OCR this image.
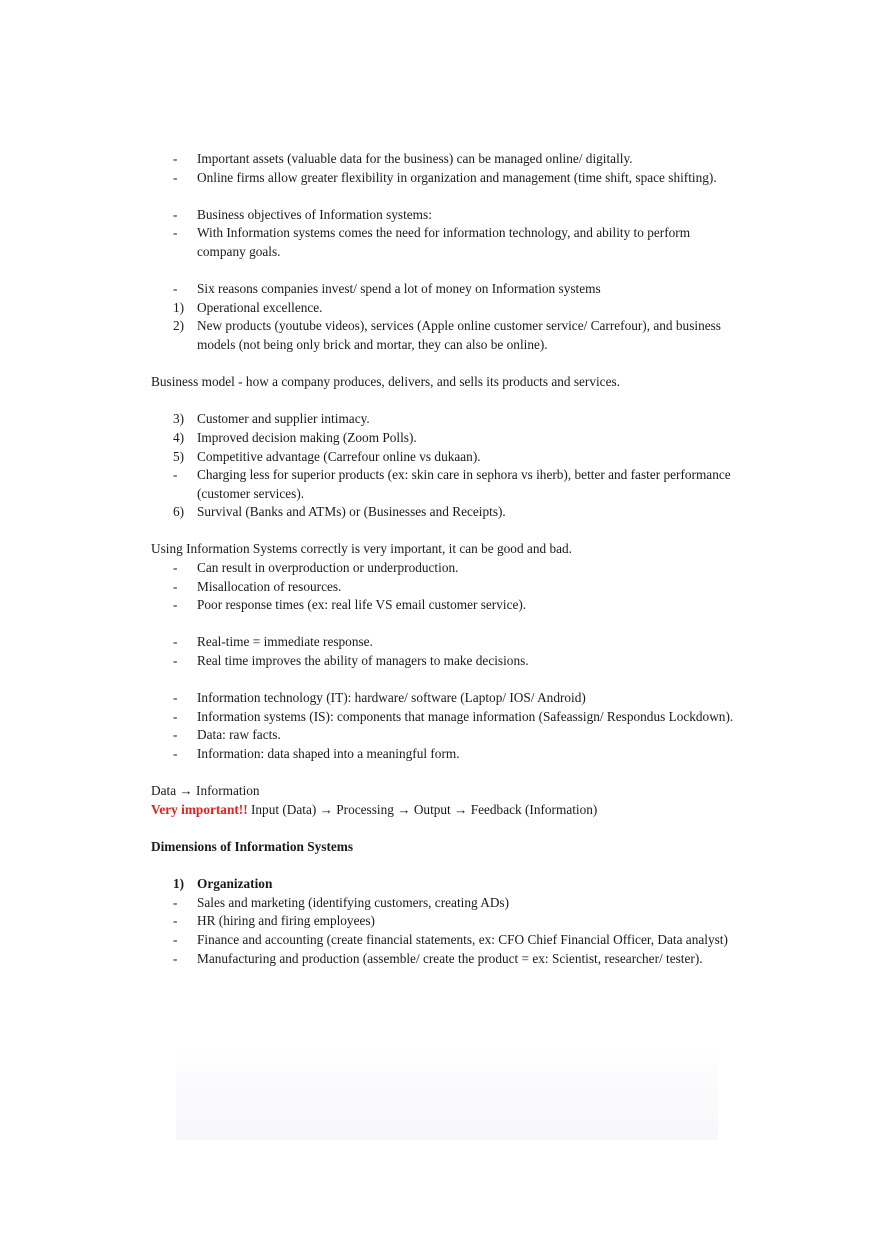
- Important assets (valuable data for the business) can be managed online/ digitally.
- Online firms allow greater flexibility in organization and management (time shift, space shifting).
- Business objectives of Information systems:
- With Information systems comes the need for information technology, and ability to perform company goals.
- Six reasons companies invest/ spend a lot of money on Information systems
1) Operational excellence.
2) New products (youtube videos), services (Apple online customer service/ Carrefour), and business models (not being only brick and mortar, they can also be online).
Business model - how a company produces, delivers, and sells its products and services.
3) Customer and supplier intimacy.
4) Improved decision making (Zoom Polls).
5) Competitive advantage (Carrefour online vs dukaan).
- Charging less for superior products (ex: skin care in sephora vs iherb), better and faster performance (customer services).
6) Survival (Banks and ATMs) or (Businesses and Receipts).
Using Information Systems correctly is very important, it can be good and bad.
- Can result in overproduction or underproduction.
- Misallocation of resources.
- Poor response times (ex: real life VS email customer service).
- Real-time = immediate response.
- Real time improves the ability of managers to make decisions.
- Information technology (IT): hardware/ software (Laptop/ IOS/ Android)
- Information systems (IS): components that manage information (Safeassign/ Respondus Lockdown).
- Data: raw facts.
- Information: data shaped into a meaningful form.
Data → Information
Very important!! Input (Data) → Processing → Output → Feedback (Information)
Dimensions of Information Systems
1) Organization
- Sales and marketing (identifying customers, creating ADs)
- HR (hiring and firing employees)
- Finance and accounting (create financial statements, ex: CFO Chief Financial Officer, Data analyst)
- Manufacturing and production (assemble/ create the product = ex: Scientist, researcher/ tester).
